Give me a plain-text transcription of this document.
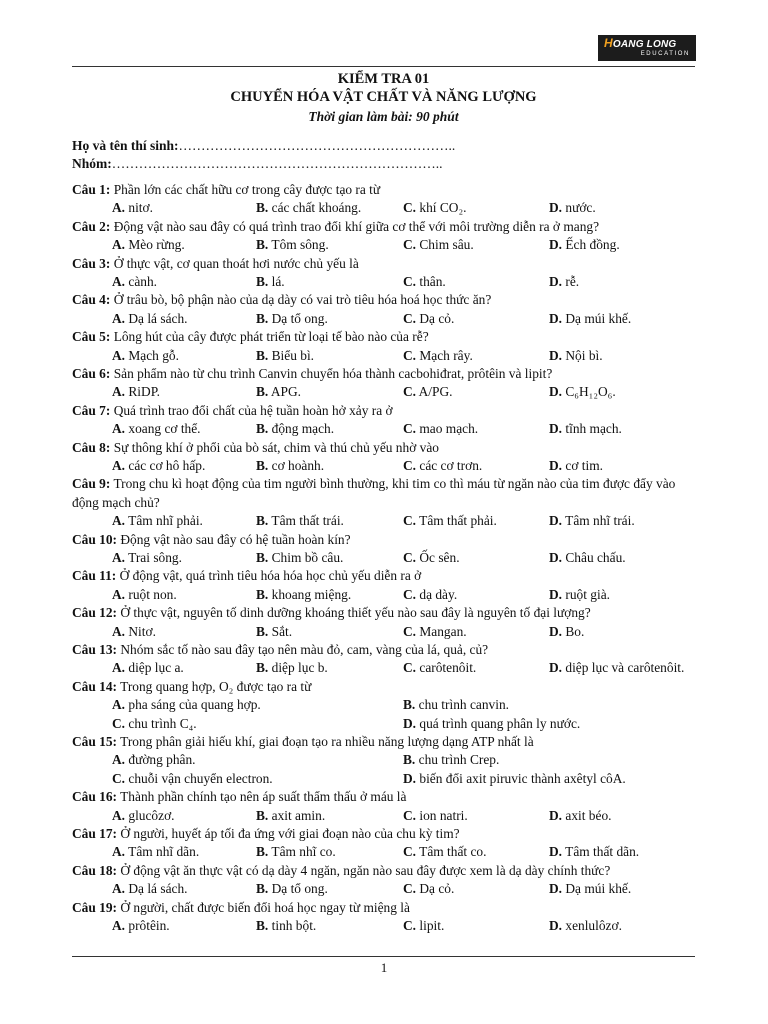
HOANG LONG
EDUCATION
KIỂM TRA 01
CHUYỂN HÓA VẬT CHẤT VÀ NĂNG LƯỢNG
Thời gian làm bài: 90 phút
Họ và tên thí sinh:……………………………………………………..
Nhóm:………………………………………………………………..
Câu 1: Phần lớn các chất hữu cơ trong cây được tạo ra từ
A. nitơ.	B. các chất khoáng.	C. khí CO₂.	D. nước.
Câu 2: Động vật nào sau đây có quá trình trao đổi khí giữa cơ thể với môi trường diễn ra ở mang?
A. Mèo rừng.	B. Tôm sông.	C. Chim sâu.	D. Ếch đồng.
Câu 3: Ở thực vật, cơ quan thoát hơi nước chủ yếu là
A. cành.	B. lá.	C. thân.	D. rễ.
Câu 4: Ở trâu bò, bộ phận nào của dạ dày có vai trò tiêu hóa hoá học thức ăn?
A. Dạ lá sách.	B. Dạ tổ ong.	C. Dạ cỏ.	D. Dạ múi khế.
Câu 5: Lông hút của cây được phát triển từ loại tế bào nào của rễ?
A. Mạch gỗ.	B. Biểu bì.	C. Mạch rây.	D. Nội bì.
Câu 6: Sản phẩm nào từ chu trình Canvin chuyển hóa thành cacbohiđrat, prôtêin và lipit?
A. RiDP.	B. APG.	C. A/PG.	D. C₆H₁₂O₆.
Câu 7: Quá trình trao đổi chất của hệ tuần hoàn hở xảy ra ở
A. xoang cơ thể.	B. động mạch.	C. mao mạch.	D. tĩnh mạch.
Câu 8: Sự thông khí ở phổi của bò sát, chim và thú chủ yếu nhờ vào
A. các cơ hô hấp.	B. cơ hoành.	C. các cơ trơn.	D. cơ tim.
Câu 9: Trong chu kì hoạt động của tim người bình thường, khi tim co thì máu từ ngăn nào của tim được đẩy vào động mạch chủ?
A. Tâm nhĩ phải.	B. Tâm thất trái.	C. Tâm thất phải.	D. Tâm nhĩ trái.
Câu 10: Động vật nào sau đây có hệ tuần hoàn kín?
A. Trai sông.	B. Chim bồ câu.	C. Ốc sên.	D. Châu chấu.
Câu 11: Ở động vật, quá trình tiêu hóa hóa học chủ yếu diễn ra ở
A. ruột non.	B. khoang miệng.	C. dạ dày.	D. ruột già.
Câu 12: Ở thực vật, nguyên tố dinh dưỡng khoáng thiết yếu nào sau đây là nguyên tố đại lượng?
A. Nitơ.	B. Sắt.	C. Mangan.	D. Bo.
Câu 13: Nhóm sắc tố nào sau đây tạo nên màu đỏ, cam, vàng của lá, quả, củ?
A. diệp lục a.	B. diệp lục b.	C. carôtenôit.	D. diệp lục và carôtenôit.
Câu 14: Trong quang hợp, O₂ được tạo ra từ
A. pha sáng của quang hợp.	B. chu trình canvin.
C. chu trình C₄.	D. quá trình quang phân ly nước.
Câu 15: Trong phân giải hiếu khí, giai đoạn tạo ra nhiều năng lượng dạng ATP nhất là
A. đường phân.	B. chu trình Crep.
C. chuỗi vận chuyển electron.	D. biến đổi axit piruvic thành axêtyl côA.
Câu 16: Thành phần chính tạo nên áp suất thẩm thấu ở máu là
A. glucôzơ.	B. axit amin.	C. ion natri.	D. axit béo.
Câu 17: Ở người, huyết áp tối đa ứng với giai đoạn nào của chu kỳ tim?
A. Tâm nhĩ dãn.	B. Tâm nhĩ co.	C. Tâm thất co.	D. Tâm thất dãn.
Câu 18: Ở động vật ăn thực vật có dạ dày 4 ngăn, ngăn nào sau đây được xem là dạ dày chính thức?
A. Dạ lá sách.	B. Dạ tổ ong.	C. Dạ cỏ.	D. Dạ múi khế.
Câu 19: Ở người, chất được biến đổi hoá học ngay từ miệng là
A. prôtêin.	B. tinh bột.	C. lipit.	D. xenlulôzơ.
1
